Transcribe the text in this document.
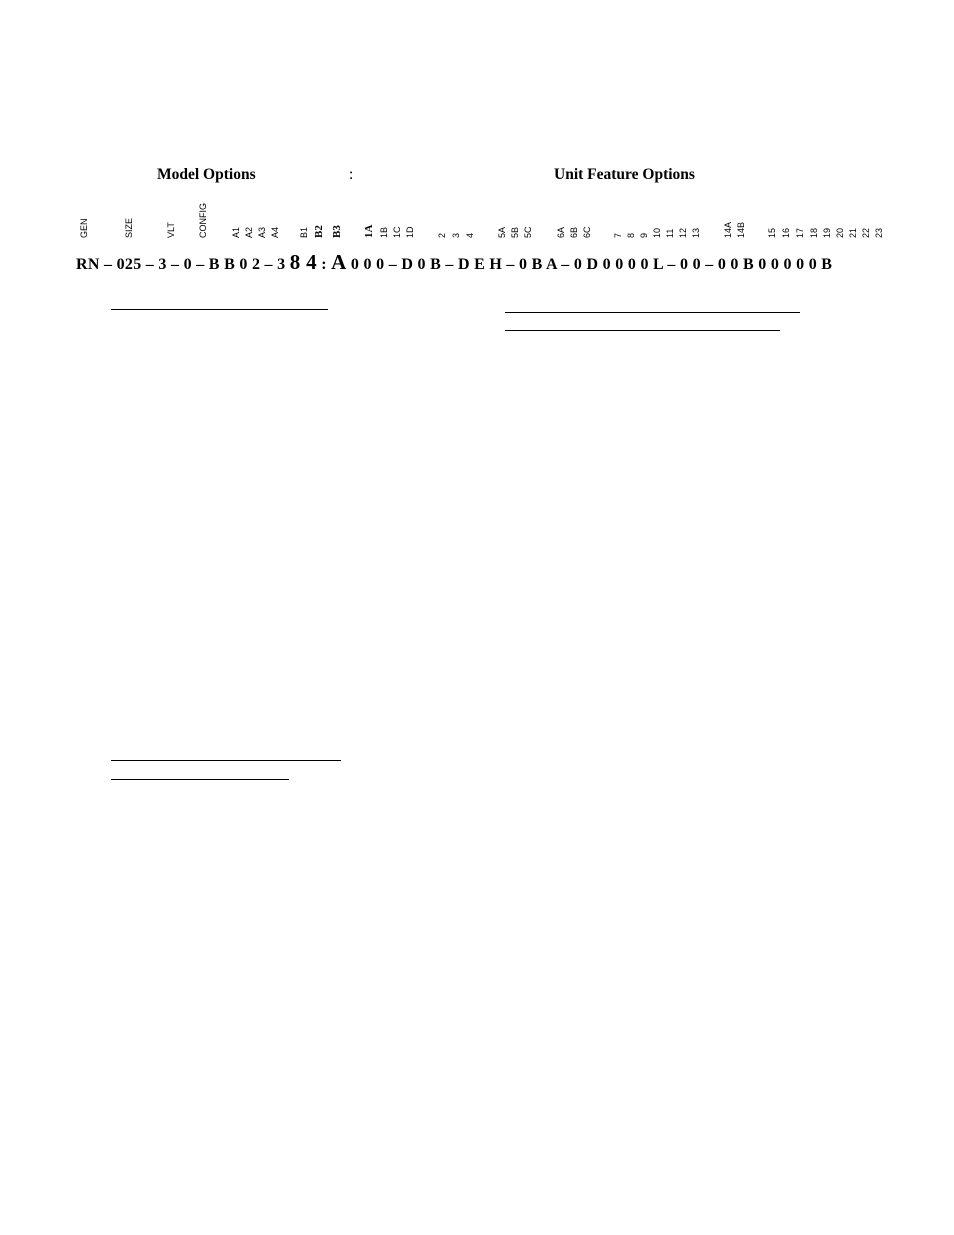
Model Options	:	Unit Feature Options
GEN	SIZE	VLT CONFIG	A1 A2 A3 A4 B1 B2 B3 1A 1B 1C 1D 2 3 4 5A 5B 5C	6A 6B 6C 7 8 9 10 11 12 13 14A 14B 15 16 17 18 19 20 21 22 23
RN – 025 – 3 – 0 – B B 0 2 – 3 8 4 : A 0 0 0 – D 0 B – D E H – 0 B A – 0 D 0 0 0 0 L – 0 0 – 0 0 B 0 0 0 0 0 B
